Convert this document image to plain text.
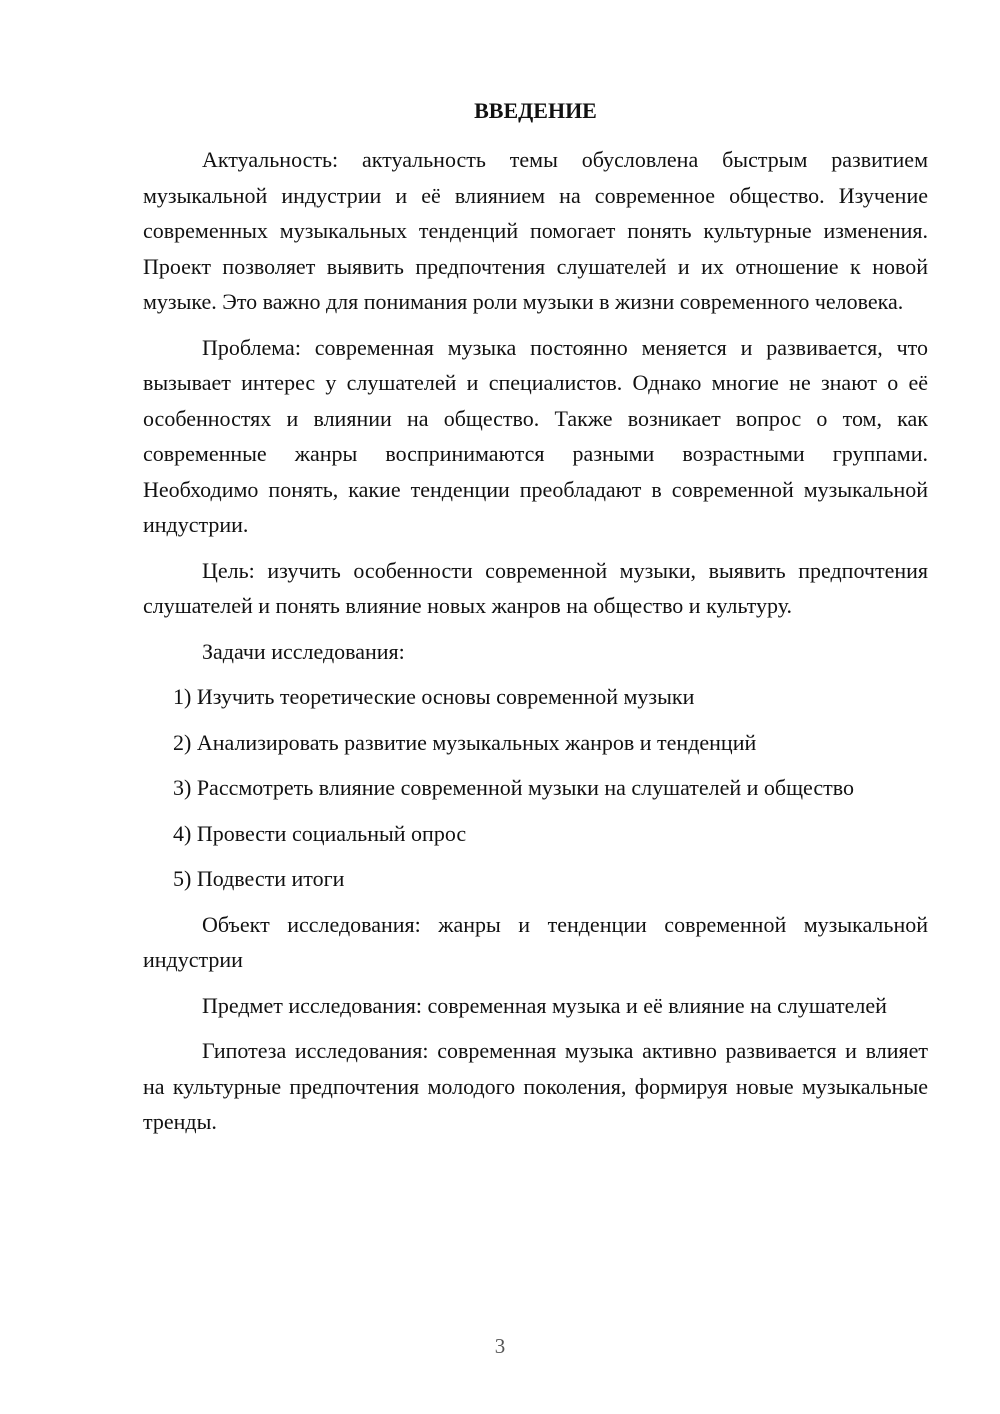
ВВЕДЕНИЕ

Актуальность: актуальность темы обусловлена быстрым развитием музыкальной индустрии и её влиянием на современное общество. Изучение современных музыкальных тенденций помогает понять культурные изменения. Проект позволяет выявить предпочтения слушателей и их отношение к новой музыке. Это важно для понимания роли музыки в жизни современного человека.

Проблема: современная музыка постоянно меняется и развивается, что вызывает интерес у слушателей и специалистов. Однако многие не знают о её особенностях и влиянии на общество. Также возникает вопрос о том, как современные жанры воспринимаются разными возрастными группами. Необходимо понять, какие тенденции преобладают в современной музыкальной индустрии.

Цель: изучить особенности современной музыки, выявить предпочтения слушателей и понять влияние новых жанров на общество и культуру.

Задачи исследования:

1) Изучить теоретические основы современной музыки

2) Анализировать развитие музыкальных жанров и тенденций

3) Рассмотреть влияние современной музыки на слушателей и общество

4) Провести социальный опрос

5) Подвести итоги

Объект исследования: жанры и тенденции современной музыкальной индустрии

Предмет исследования: современная музыка и её влияние на слушателей

Гипотеза исследования: современная музыка активно развивается и влияет на культурные предпочтения молодого поколения, формируя новые музыкальные тренды.

3
